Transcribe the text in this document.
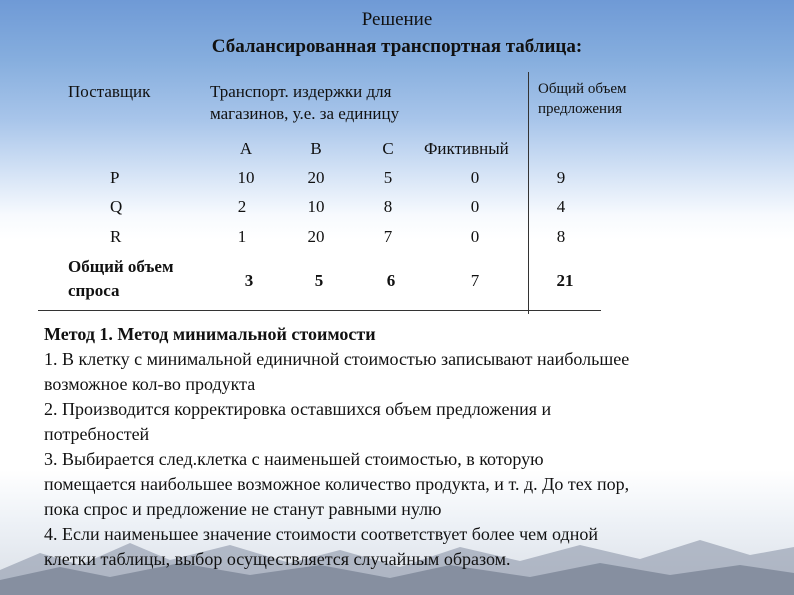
Решение
Сбалансированная транспортная таблица:
Поставщик	Транспорт. издержки для
магазинов, у.е. за единицу
Общий объем
предложения
A	B	C	Фиктивный
P	10	20	5	0	9
Q	2	10	8	0	4
R	1	20	7	0	8
Общий объем
спроса
3	5	6	7	21

Метод 1. Метод минимальной стоимости

1. В клетку с минимальной единичной стоимостью записывают наибольшее

возможное кол-во продукта

2. Производится корректировка оставшихся объем предложения и

потребностей

3. Выбирается след.клетка с наименьшей стоимостью, в которую

помещается наибольшее возможное количество продукта, и т. д. До тех пор,

пока спрос и предложение не станут равными нулю

4. Если наименьшее значение стоимости соответствует более чем одной

клетки таблицы, выбор осуществляется случайным образом.
